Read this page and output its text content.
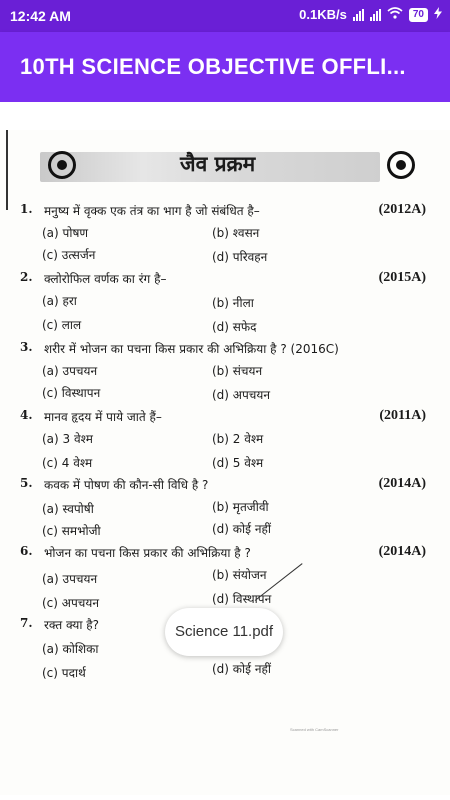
12:42 AM	0.1KB/s	70
10TH SCIENCE OBJECTIVE OFFLI...
जैव प्रक्रम
1. मनुष्य में वृक्क एक तंत्र का भाग है जो संबंधित है–	(2012A)
(a) पोषण	(b) श्वसन
(c) उत्सर्जन	(d) परिवहन
2. क्लोरोफिल वर्णक का रंग है–	(2015A)
(a) हरा	(b) नीला
(c) लाल	(d) सफेद
3. शरीर में भोजन का पचना किस प्रकार की अभिक्रिया है ? (2016C)
(a) उपचयन	(b) संचयन
(c) विस्थापन	(d) अपचयन
4. मानव हृदय में पाये जाते हैं–	(2011A)
(a) 3 वेश्म	(b) 2 वेश्म
(c) 4 वेश्म	(d) 5 वेश्म
5. कवक में पोषण की कौन-सी विधि है ?	(2014A)
(a) स्वपोषी	(b) मृतजीवी
(c) समभोजी	(d) कोई नहीं
6. भोजन का पचना किस प्रकार की अभिक्रिया है ?	(2014A)
(a) उपचयन	(b) संयोजन
(c) अपचयन	(d) विस्थापन
7. रक्त क्या है?
(a) कोशिका
(c) पदार्थ	(d) कोई नहीं
Scanned with CamScanner
Science 11.pdf
